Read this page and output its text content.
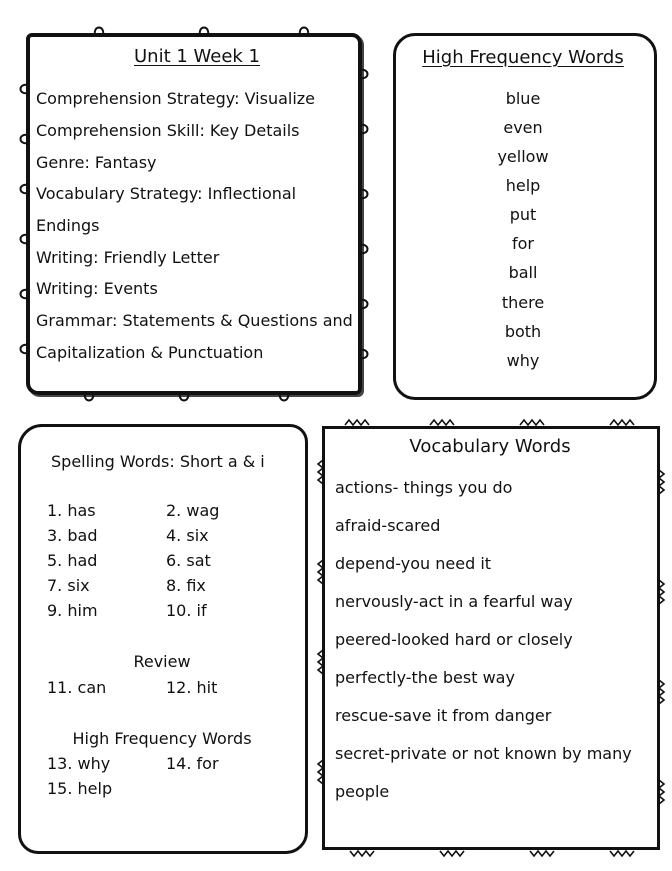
Unit 1 Week 1
Comprehension Strategy: Visualize
Comprehension Skill: Key Details
Genre: Fantasy
Vocabulary Strategy: Inflectional
Endings
Writing: Friendly Letter
Writing: Events
Grammar: Statements & Questions and
Capitalization & Punctuation
High Frequency Words
blue
even
yellow
help
put
for
ball
there
both
why
Spelling Words: Short a & i
1. has	2. wag
3. bad	4. six
5. had	6. sat
7. six	8. fix
9. him	10. if
Review
11. can	12. hit
High Frequency Words
13. why	14. for
15. help
Vocabulary Words
actions- things you do
afraid-scared
depend-you need it
nervously-act in a fearful way
peered-looked hard or closely
perfectly-the best way
rescue-save it from danger
secret-private or not known by many
people
